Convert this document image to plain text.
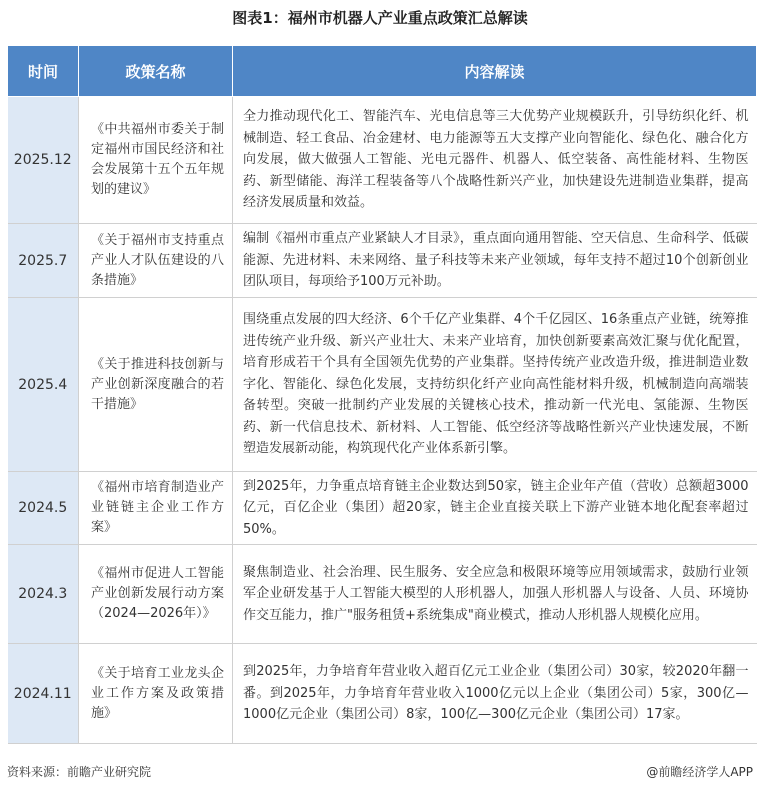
图表1：福州市机器人产业重点政策汇总解读
时间	政策名称	内容解读
2025.12	《中共福州市委关于制定福州市国民经济和社会发展第十五个五年规划的建议》	全力推动现代化工、智能汽车、光电信息等三大优势产业规模跃升，引导纺织化纤、机械制造、轻工食品、冶金建材、电力能源等五大支撑产业向智能化、绿色化、融合化方向发展，做大做强人工智能、光电元器件、机器人、低空装备、高性能材料、生物医药、新型储能、海洋工程装备等八个战略性新兴产业，加快建设先进制造业集群，提高经济发展质量和效益。
2025.7	《关于福州市支持重点产业人才队伍建设的八条措施》	编制《福州市重点产业紧缺人才目录》，重点面向通用智能、空天信息、生命科学、低碳能源、先进材料、未来网络、量子科技等未来产业领域，每年支持不超过10个创新创业团队项目，每项给予100万元补助。
2025.4	《关于推进科技创新与产业创新深度融合的若干措施》	围绕重点发展的四大经济、6个千亿产业集群、4个千亿园区、16条重点产业链，统筹推进传统产业升级、新兴产业壮大、未来产业培育，加快创新要素高效汇聚与优化配置，培育形成若干个具有全国领先优势的产业集群。坚持传统产业改造升级，推进制造业数字化、智能化、绿色化发展，支持纺织化纤产业向高性能材料升级，机械制造向高端装备转型。突破一批制约产业发展的关键核心技术，推动新一代光电、氢能源、生物医药、新一代信息技术、新材料、人工智能、低空经济等战略性新兴产业快速发展，不断塑造发展新动能，构筑现代化产业体系新引擎。
2024.5	《福州市培育制造业产业链链主企业工作方案》	到2025年，力争重点培育链主企业数达到50家，链主企业年产值（营收）总额超3000亿元，百亿企业（集团）超20家，链主企业直接关联上下游产业链本地化配套率超过50%。
2024.3	《福州市促进人工智能产业创新发展行动方案（2024—2026年）》	聚焦制造业、社会治理、民生服务、安全应急和极限环境等应用领域需求，鼓励行业领军企业研发基于人工智能大模型的人形机器人，加强人形机器人与设备、人员、环境协作交互能力，推广"服务租赁+系统集成"商业模式，推动人形机器人规模化应用。
2024.11	《关于培育工业龙头企业工作方案及政策措施》	到2025年，力争培育年营业收入超百亿元工业企业（集团公司）30家，较2020年翻一番。到2025年，力争培育年营业收入1000亿元以上企业（集团公司）5家，300亿—1000亿元企业（集团公司）8家，100亿—300亿元企业（集团公司）17家。
资料来源：前瞻产业研究院	@前瞻经济学人APP
